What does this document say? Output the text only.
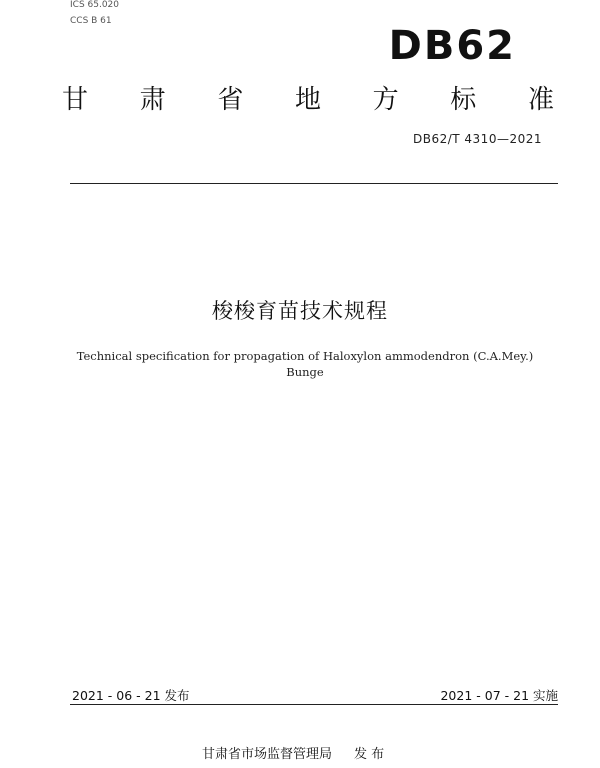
ICS 65.020
CCS B 61
DB62
甘 肃 省 地 方 标 准
DB62/T 4310—2021
梭梭育苗技术规程
Technical specification for propagation of Haloxylon ammodendron (C.A.Mey.) Bunge
2021 - 06 - 21 发布	2021 - 07 - 21 实施
甘肃省市场监督管理局 发 布
